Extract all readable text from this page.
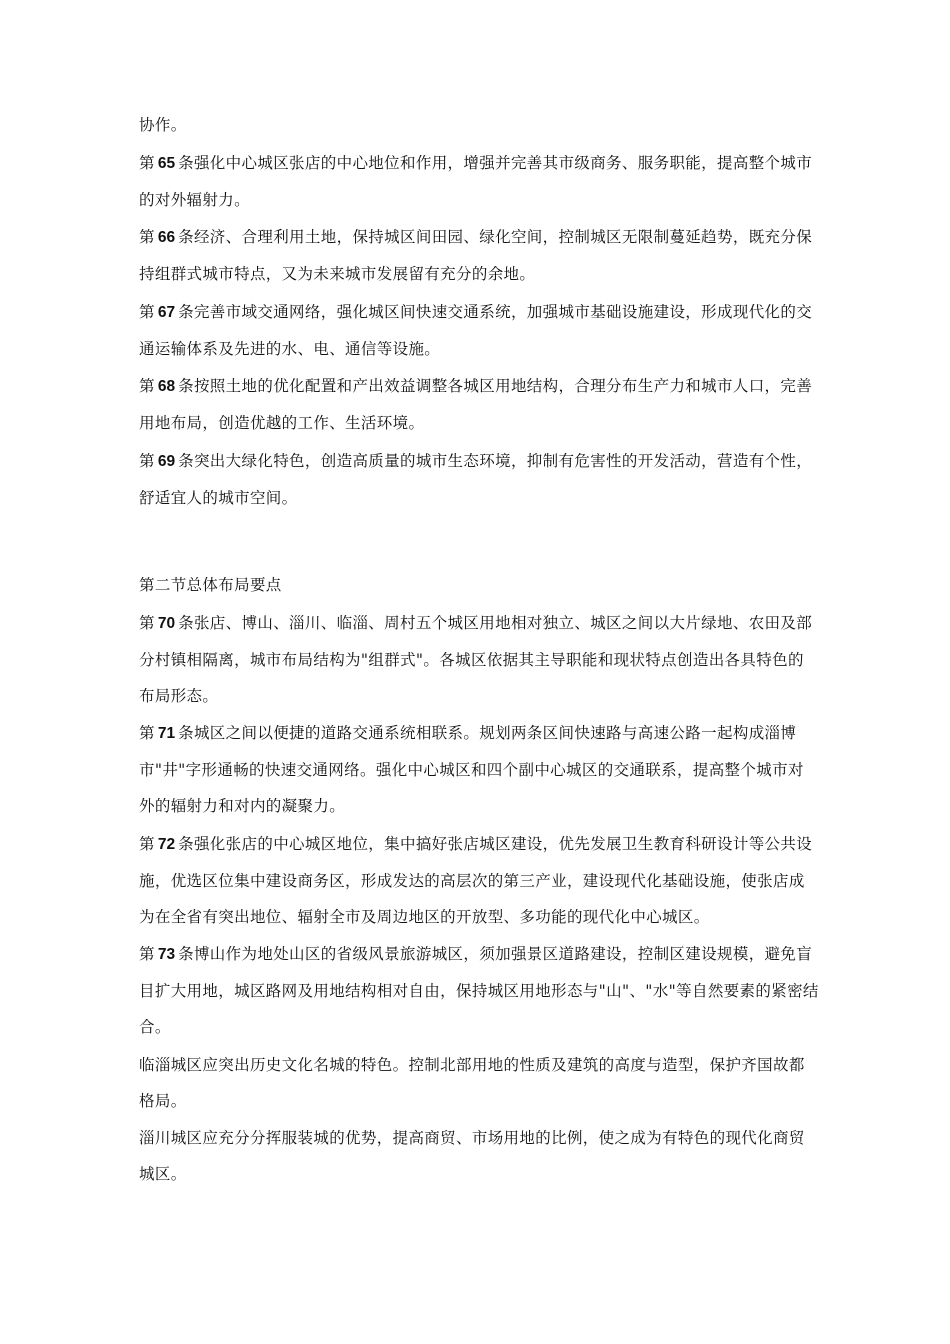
协作。

第 65 条强化中心城区张店的中心地位和作用，增强并完善其市级商务、服务职能，提高整个城市的对外辐射力。

第 66 条经济、合理利用土地，保持城区间田园、绿化空间，控制城区无限制蔓延趋势，既充分保持组群式城市特点，又为未来城市发展留有充分的余地。

第 67 条完善市域交通网络，强化城区间快速交通系统，加强城市基础设施建设，形成现代化的交通运输体系及先进的水、电、通信等设施。

第 68 条按照土地的优化配置和产出效益调整各城区用地结构，合理分布生产力和城市人口，完善用地布局，创造优越的工作、生活环境。

第 69 条突出大绿化特色，创造高质量的城市生态环境，抑制有危害性的开发活动，营造有个性，舒适宜人的城市空间。

第二节总体布局要点

第 70 条张店、博山、淄川、临淄、周村五个城区用地相对独立、城区之间以大片绿地、农田及部分村镇相隔离，城市布局结构为"组群式"。各城区依据其主导职能和现状特点创造出各具特色的布局形态。

第 71 条城区之间以便捷的道路交通系统相联系。规划两条区间快速路与高速公路一起构成淄博市"井"字形通畅的快速交通网络。强化中心城区和四个副中心城区的交通联系，提高整个城市对外的辐射力和对内的凝聚力。

第 72 条强化张店的中心城区地位，集中搞好张店城区建设，优先发展卫生教育科研设计等公共设施，优选区位集中建设商务区，形成发达的高层次的第三产业，建设现代化基础设施，使张店成为在全省有突出地位、辐射全市及周边地区的开放型、多功能的现代化中心城区。

第 73 条博山作为地处山区的省级风景旅游城区，须加强景区道路建设，控制区建设规模，避免盲目扩大用地，城区路网及用地结构相对自由，保持城区用地形态与"山"、"水"等自然要素的紧密结合。

临淄城区应突出历史文化名城的特色。控制北部用地的性质及建筑的高度与造型，保护齐国故都格局。

淄川城区应充分分挥服装城的优势，提高商贸、市场用地的比例，使之成为有特色的现代化商贸城区。
